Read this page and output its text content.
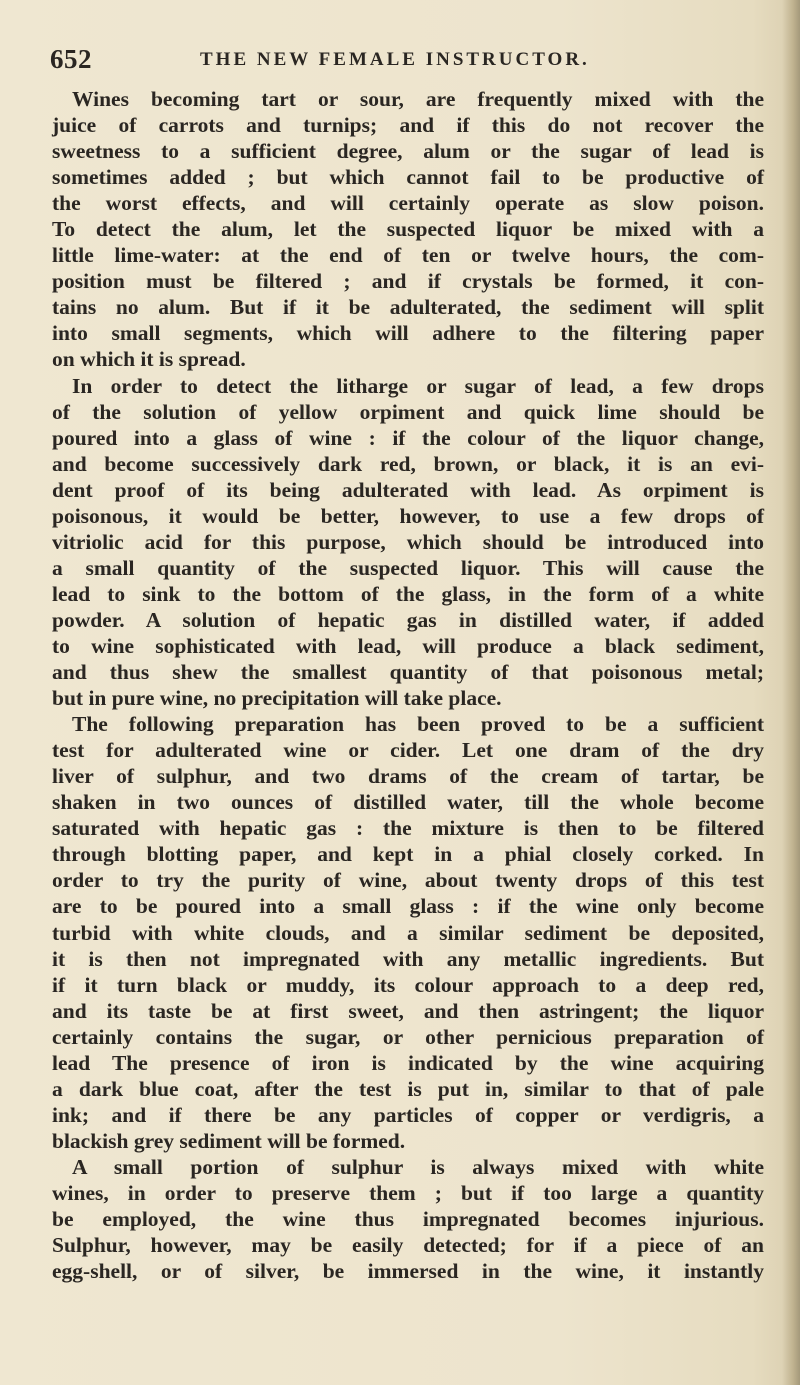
652	THE NEW FEMALE INSTRUCTOR.
Wines becoming tart or sour, are frequently mixed with the
juice of carrots and turnips; and if this do not recover the
sweetness to a sufficient degree, alum or the sugar of lead is
sometimes added ; but which cannot fail to be productive of
the worst effects, and will certainly operate as slow poison.
To detect the alum, let the suspected liquor be mixed with a
little lime-water: at the end of ten or twelve hours, the com-
position must be filtered ; and if crystals be formed, it con-
tains no alum. But if it be adulterated, the sediment will split
into small segments, which will adhere to the filtering paper
on which it is spread.
In order to detect the litharge or sugar of lead, a few drops
of the solution of yellow orpiment and quick lime should be
poured into a glass of wine : if the colour of the liquor change,
and become successively dark red, brown, or black, it is an evi-
dent proof of its being adulterated with lead. As orpiment is
poisonous, it would be better, however, to use a few drops of
vitriolic acid for this purpose, which should be introduced into
a small quantity of the suspected liquor. This will cause the
lead to sink to the bottom of the glass, in the form of a white
powder. A solution of hepatic gas in distilled water, if added
to wine sophisticated with lead, will produce a black sediment,
and thus shew the smallest quantity of that poisonous metal;
but in pure wine, no precipitation will take place.
The following preparation has been proved to be a sufficient
test for adulterated wine or cider. Let one dram of the dry
liver of sulphur, and two drams of the cream of tartar, be
shaken in two ounces of distilled water, till the whole become
saturated with hepatic gas : the mixture is then to be filtered
through blotting paper, and kept in a phial closely corked. In
order to try the purity of wine, about twenty drops of this test
are to be poured into a small glass : if the wine only become
turbid with white clouds, and a similar sediment be deposited,
it is then not impregnated with any metallic ingredients. But
if it turn black or muddy, its colour approach to a deep red,
and its taste be at first sweet, and then astringent; the liquor
certainly contains the sugar, or other pernicious preparation of
lead The presence of iron is indicated by the wine acquiring
a dark blue coat, after the test is put in, similar to that of pale
ink; and if there be any particles of copper or verdigris, a
blackish grey sediment will be formed.
A small portion of sulphur is always mixed with white
wines, in order to preserve them ; but if too large a quantity
be employed, the wine thus impregnated becomes injurious.
Sulphur, however, may be easily detected; for if a piece of an
egg-shell, or of silver, be immersed in the wine, it instantly
